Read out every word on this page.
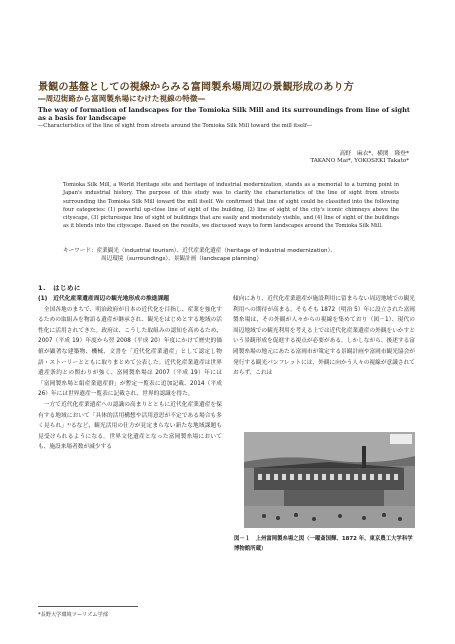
景観の基盤としての視線からみる富岡製糸場周辺の景観形成のあり方
―周辺街路から富岡製糸場にむけた視線の特徴―
The way of formation of landscapes for the Tomioka Silk Mill and its surroundings from line of sight as a basis for landscape
―Characteristics of the line of sight from streets around the Tomioka Silk Mill toward the mill itself―
高野　麻衣*、横関　隆登*
TAKANO Mai*, YOKOSEKI Takato*

Tomioka Silk Mill, a World Heritage site and heritage of industrial modernization, stands as a memorial to a turning point in Japan's industrial history. The purpose of this study was to clarify the characteristics of the line of sight from streets surrounding the Tomioka Silk Mill toward the mill itself. We confirmed that line of sight could be classified into the following four categories: (1) powerful up-close line of sight of the building, (2) line of sight of the city's iconic chimneys above the cityscape, (3) picturesque line of sight of buildings that are easily and moderately visible, and (4) line of sight of the buildings as it blends into the cityscape. Based on the results, we discussed ways to form landscapes around the Tomioka Silk Mill.

キーワード：産業観光（industrial tourism）、近代産業化遺産（heritage of industrial modernization）、
周辺環境（surroundings）、景観計画（landscape planning）

1.　はじめに

(1)　近代化産業遺産周辺の観光地形成の推進課題

全国各地のまちで、明治政府が日本の近代化を目指し、産業を強化するための取組みを物語る遺産が継承され、観光をはじめとする地域の活性化に活用されてきた。政府は、こうした取組みの認知を高めるため、2007（平成 19）年度から翌 2008（平成 20）年度にかけて歴史的価値が顕著な建築物、機械、文書を「近代化産業遺産」として認定し物語・ストーリーとともに取りまとめて公表した。近代化産業遺産は世界遺産条約との関わりが強く、富岡製糸場は 2007（平成 19）年には「富岡製糸場と絹産業遺産群」が暫定一覧表に追加記載、2014（平成 26）年には世界遺産一覧表に記載され、世界的認識を得た。

一方で近代化産業遺産への認識の高まりとともに近代化産業遺産を保有する地域において「具体的活用構想や活用意思が不定である場合も多く見られ」¹⁾るなど、観光活用の仕方が見定まらない新たな地域課題も見受けられるようになる。世界文化遺産となった富岡製糸場においても、施設来場者数が減少する

傾向にあり、近代化産業遺産が施設利用に留まらない周辺地域での観光利用への期待が高まる。そもそも 1872（明治 5）年に設立された富岡製糸場は、その外観が人々からの視線を集めており（図－1）、現代の周辺地域での観光利用を考える上では近代化産業遺産の外観をいかすという景観形成を促進する視点が必要がある。しかしながら、後述する富岡製糸場の地元にあたる富岡市が策定する景観計画や富岡市観光協会が発行する観光パンフレットには、外観に向かう人々の視線が意識されておらず、これは

図－１　上州富岡製糸場之図（一曜斎国輝、1872 年、東京農工大学科学博物館所蔵）
*長野大学環境ツーリズム学部
